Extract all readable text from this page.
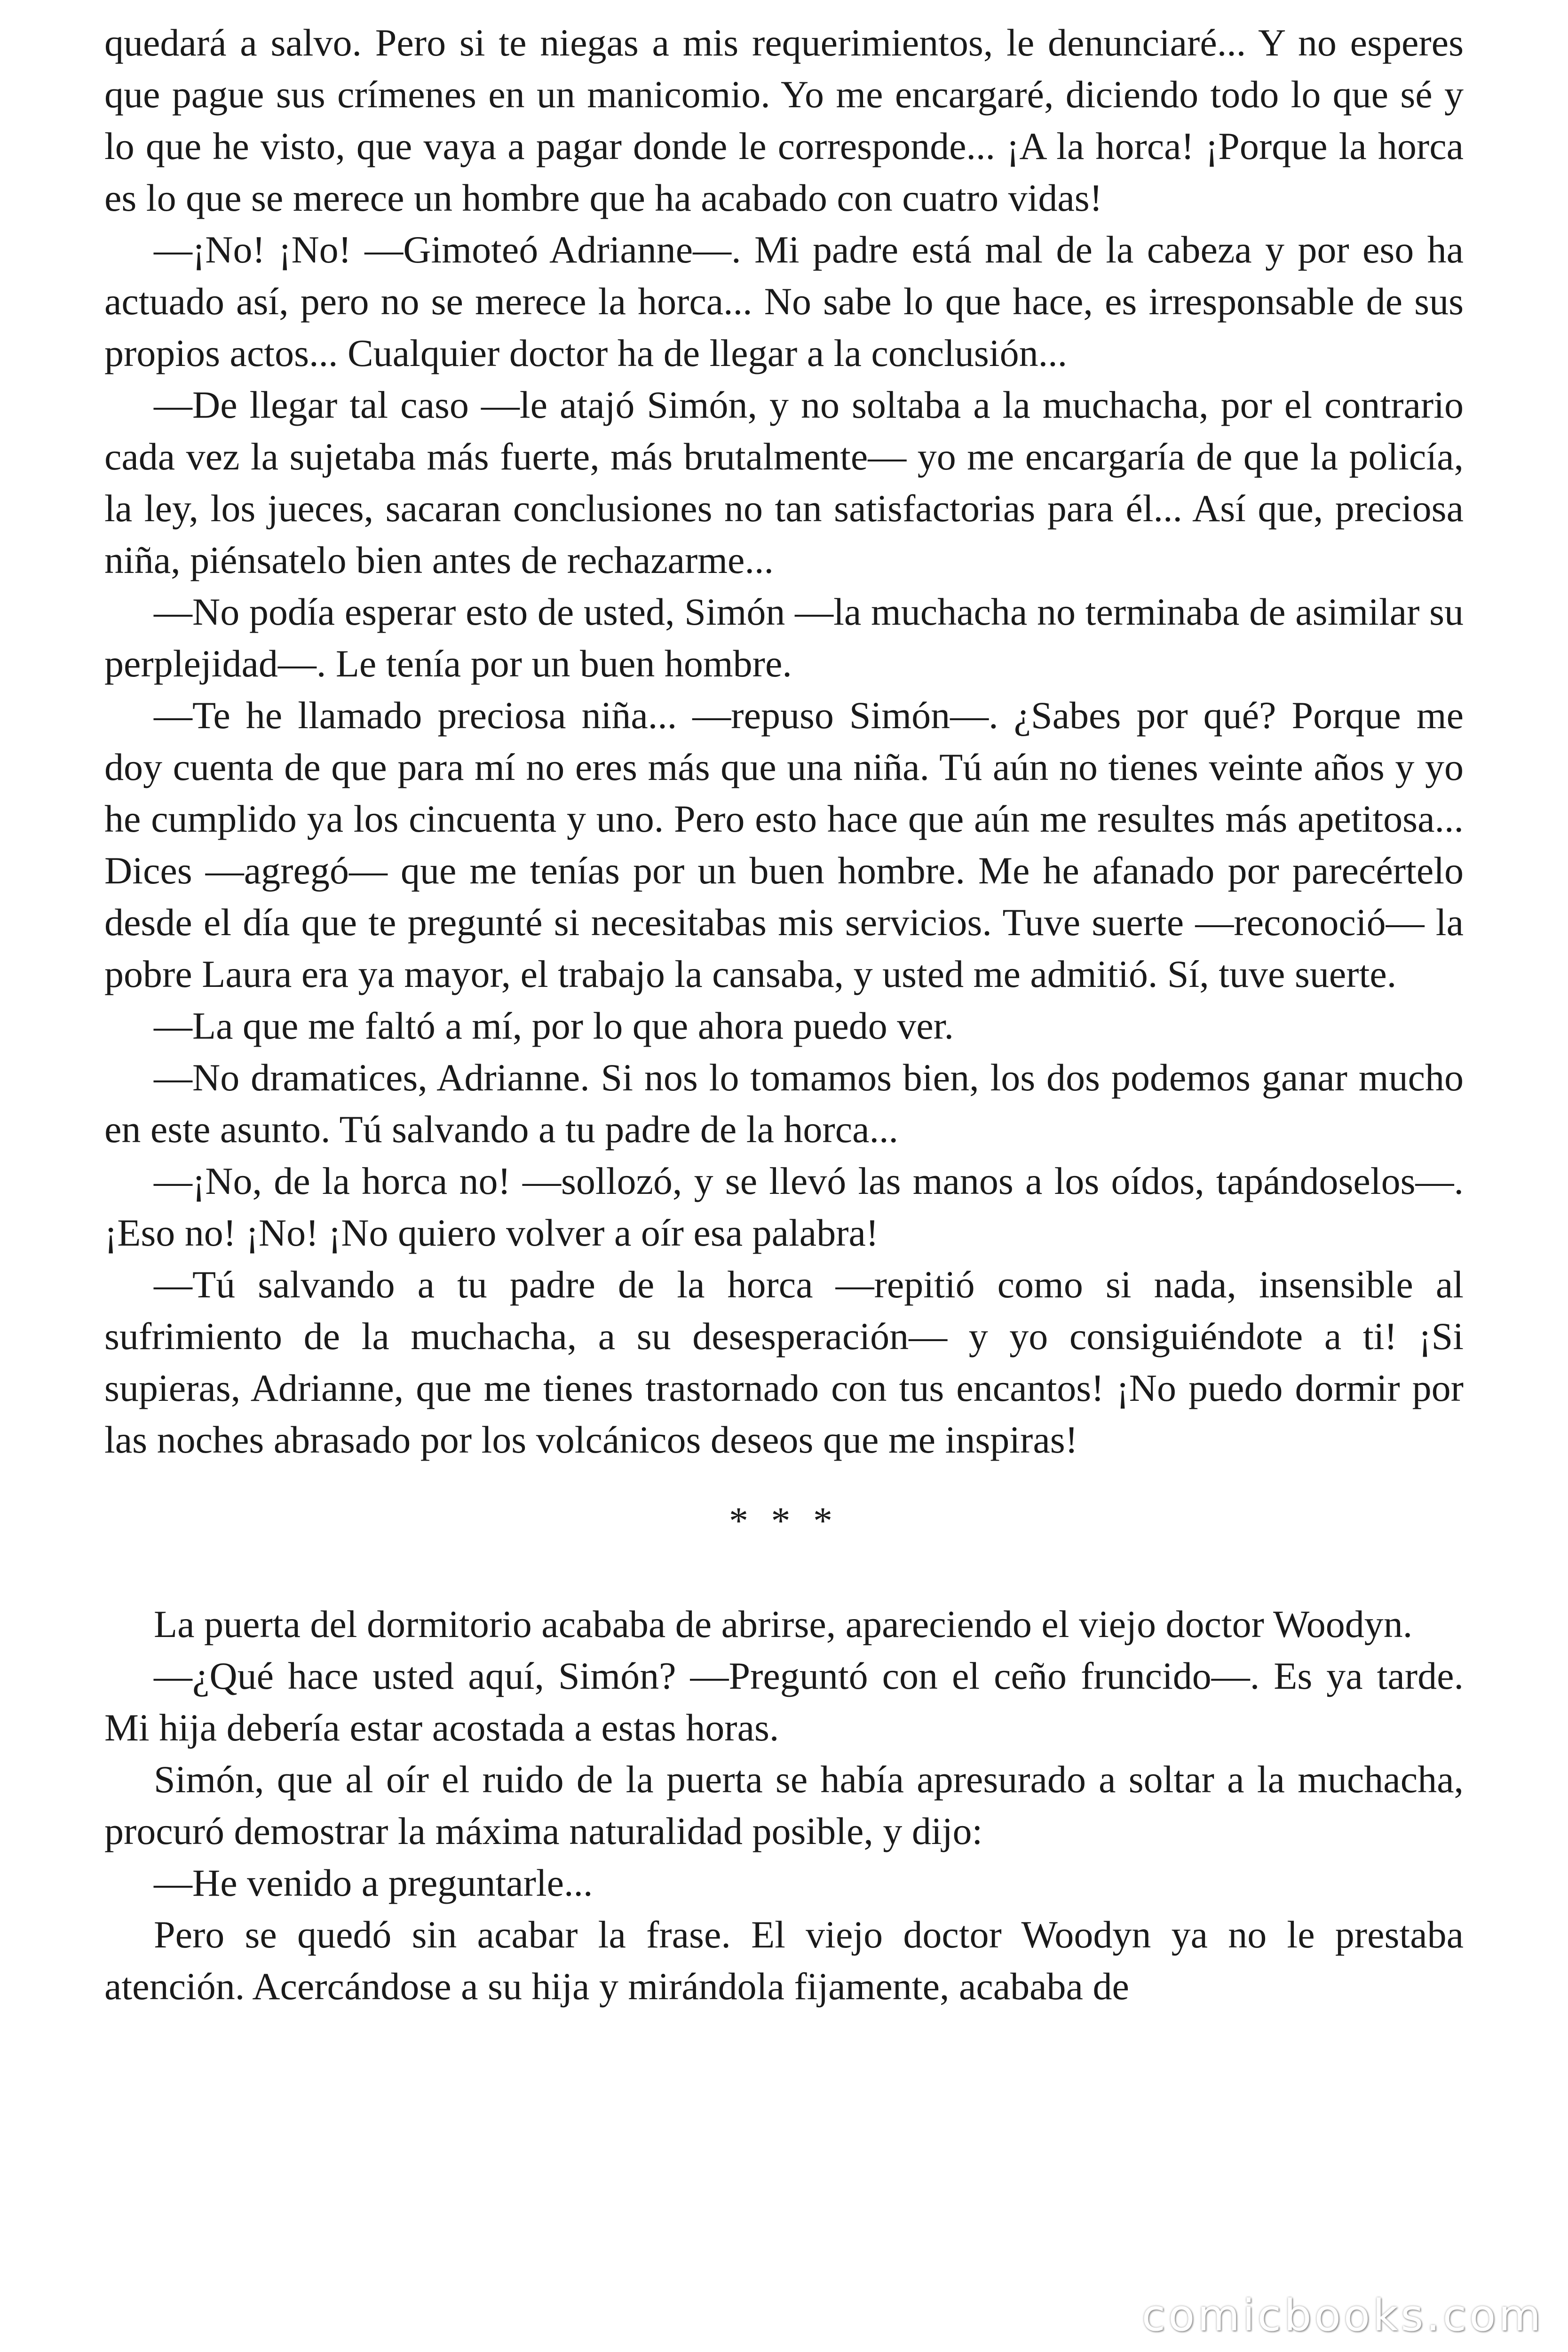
quedará a salvo. Pero si te niegas a mis requerimientos, le denunciaré... Y no esperes que pague sus crímenes en un manicomio. Yo me encargaré, diciendo todo lo que sé y lo que he visto, que vaya a pagar donde le corresponde... ¡A la horca! ¡Porque la horca es lo que se merece un hombre que ha acabado con cuatro vidas!

—¡No! ¡No! —Gimoteó Adrianne—. Mi padre está mal de la cabeza y por eso ha actuado así, pero no se merece la horca... No sabe lo que hace, es irresponsable de sus propios actos... Cualquier doctor ha de llegar a la conclusión...

—De llegar tal caso —le atajó Simón, y no soltaba a la muchacha, por el contrario cada vez la sujetaba más fuerte, más brutalmente— yo me encargaría de que la policía, la ley, los jueces, sacaran conclusiones no tan satisfactorias para él... Así que, preciosa niña, piénsatelo bien antes de rechazarme...

—No podía esperar esto de usted, Simón —la muchacha no terminaba de asimilar su perplejidad—. Le tenía por un buen hombre.

—Te he llamado preciosa niña... —repuso Simón—. ¿Sabes por qué? Porque me doy cuenta de que para mí no eres más que una niña. Tú aún no tienes veinte años y yo he cumplido ya los cincuenta y uno. Pero esto hace que aún me resultes más apetitosa... Dices —agregó— que me tenías por un buen hombre. Me he afanado por parecértelo desde el día que te pregunté si necesitabas mis servicios. Tuve suerte —reconoció— la pobre Laura era ya mayor, el trabajo la cansaba, y usted me admitió. Sí, tuve suerte.

—La que me faltó a mí, por lo que ahora puedo ver.

—No dramatices, Adrianne. Si nos lo tomamos bien, los dos podemos ganar mucho en este asunto. Tú salvando a tu padre de la horca...

—¡No, de la horca no! —sollozó, y se llevó las manos a los oídos, tapándoselos—. ¡Eso no! ¡No! ¡No quiero volver a oír esa palabra!

—Tú salvando a tu padre de la horca —repitió como si nada, insensible al sufrimiento de la muchacha, a su desesperación— y yo consiguiéndote a ti! ¡Si supieras, Adrianne, que me tienes trastornado con tus encantos! ¡No puedo dormir por las noches abrasado por los volcánicos deseos que me inspiras!

* * *

La puerta del dormitorio acababa de abrirse, apareciendo el viejo doctor Woodyn.

—¿Qué hace usted aquí, Simón? —Preguntó con el ceño fruncido—. Es ya tarde. Mi hija debería estar acostada a estas horas.

Simón, que al oír el ruido de la puerta se había apresurado a soltar a la muchacha, procuró demostrar la máxima naturalidad posible, y dijo:

—He venido a preguntarle...

Pero se quedó sin acabar la frase. El viejo doctor Woodyn ya no le prestaba atención. Acercándose a su hija y mirándola fijamente, acababa de

comicbooks.com
